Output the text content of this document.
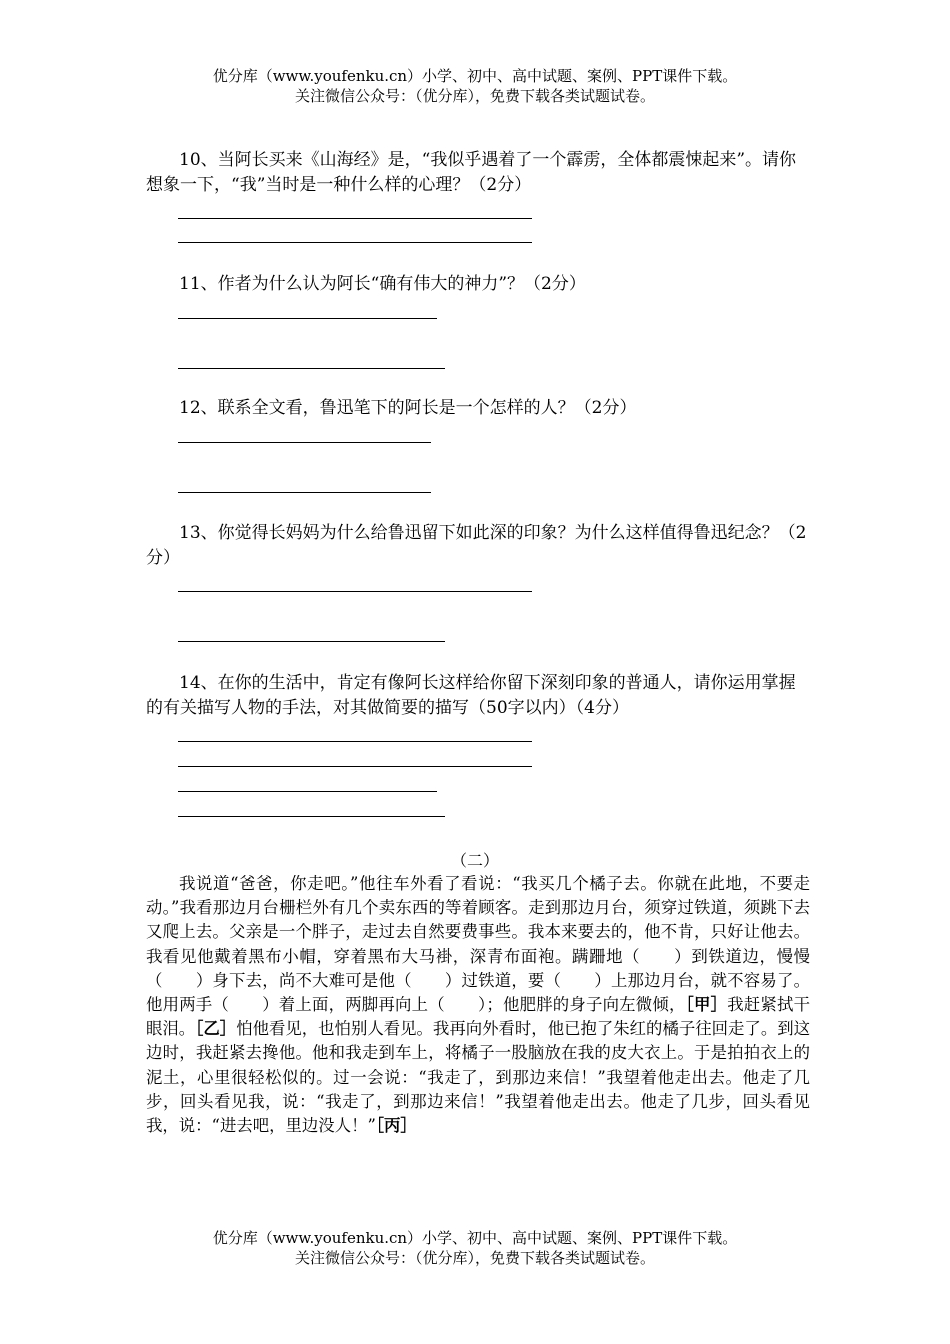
优分库（www.youfenku.cn）小学、初中、高中试题、案例、PPT课件下载。
关注微信公众号：（优分库），免费下载各类试题试卷。

10、当阿长买来《山海经》是，“我似乎遇着了一个霹雳，全体都震悚起来”。请你想象一下，“我”当时是一种什么样的心理？（2分）

11、作者为什么认为阿长“确有伟大的神力”？（2分）

12、联系全文看，鲁迅笔下的阿长是一个怎样的人？（2分）

13、你觉得长妈妈为什么给鲁迅留下如此深的印象？为什么这样值得鲁迅纪念？（2分）

14、在你的生活中，肯定有像阿长这样给你留下深刻印象的普通人，请你运用掌握的有关描写人物的手法，对其做简要的描写（50字以内）（4分）

（二）

我说道“爸爸，你走吧。”他往车外看了看说：“我买几个橘子去。你就在此地，不要走动。”我看那边月台栅栏外有几个卖东西的等着顾客。走到那边月台，须穿过铁道，须跳下去又爬上去。父亲是一个胖子，走过去自然要费事些。我本来要去的，他不肯，只好让他去。我看见他戴着黑布小帽，穿着黑布大马褂，深青布面袍。蹒跚地（　　）到铁道边，慢慢（　　）身下去，尚不大难可是他（　　）过铁道，要（　　）上那边月台，就不容易了。他用两手（　　）着上面，两脚再向上（　　）；他肥胖的身子向左微倾，［甲］我赶紧拭干眼泪。［乙］怕他看见，也怕别人看见。我再向外看时，他已抱了朱红的橘子往回走了。到这边时，我赶紧去搀他。他和我走到车上，将橘子一股脑放在我的皮大衣上。于是拍拍衣上的泥土，心里很轻松似的。过一会说：“我走了，到那边来信！”我望着他走出去。他走了几步，回头看见我，说：“我走了，到那边来信！”我望着他走出去。他走了几步，回头看见我，说：“进去吧，里边没人！”［丙］

优分库（www.youfenku.cn）小学、初中、高中试题、案例、PPT课件下载。
关注微信公众号：（优分库），免费下载各类试题试卷。
